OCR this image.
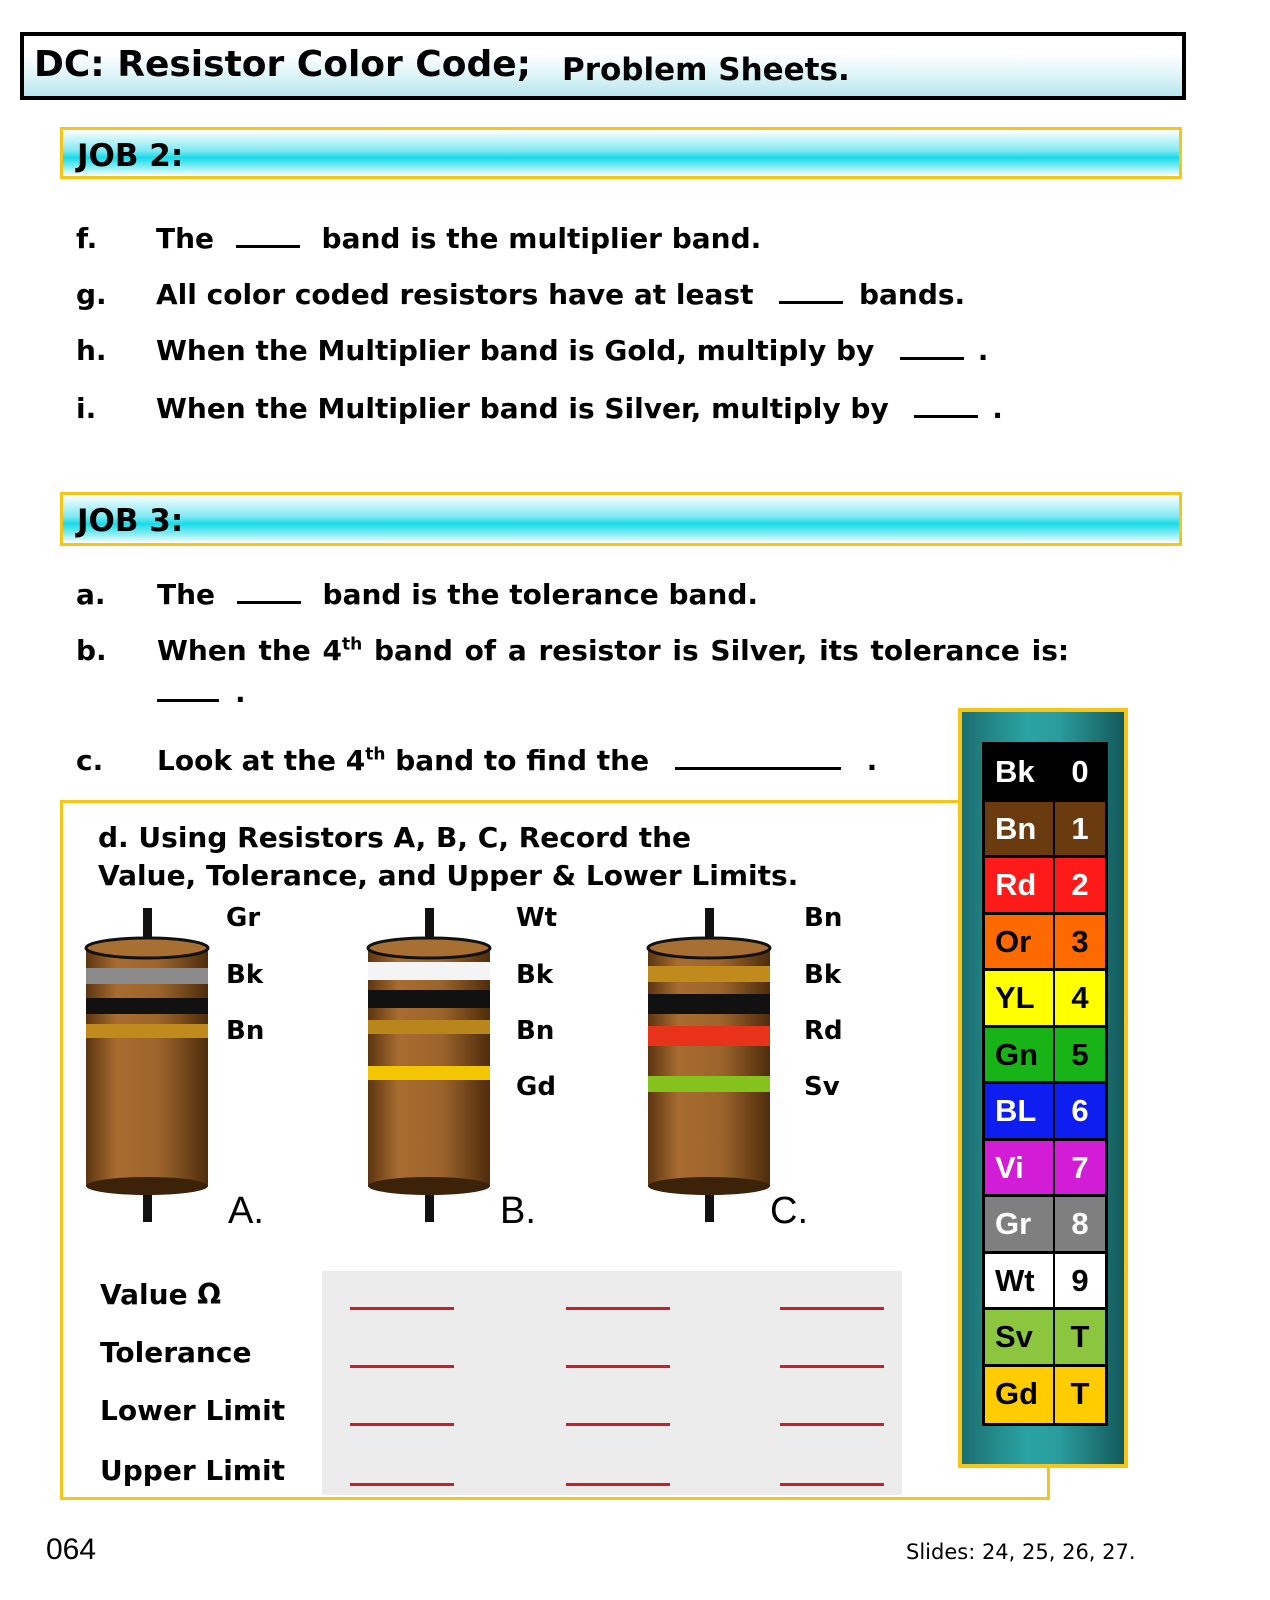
DC: Resistor Color Code; Problem Sheets.
JOB 2:
f. The	band is the multiplier band.
g. All color coded resistors have at least	bands.
h. When the Multiplier band is Gold, multiply by	.
i. When the Multiplier band is Silver, multiply by	.
JOB 3:
a. The	band is the tolerance band.
b. When the 4th band of a resistor is Silver, its tolerance is:
.
c. Look at the 4th band to find the	.
d. Using Resistors A, B, C, Record the
Value, Tolerance, and Upper & Lower Limits.
Gr
Bk
Bn
A.
Wt
Bk
Bn
Gd
B.
Bn
Bk
Rd
Sv
C.
Value Ω
Tolerance
Lower Limit
Upper Limit
Bk	0
Bn	1
Rd	2
Or	3
YL	4
Gn	5
BL	6
Vi	7
Gr	8
Wt	9
Sv	T
Gd	T
064	Slides: 24, 25, 26, 27.
